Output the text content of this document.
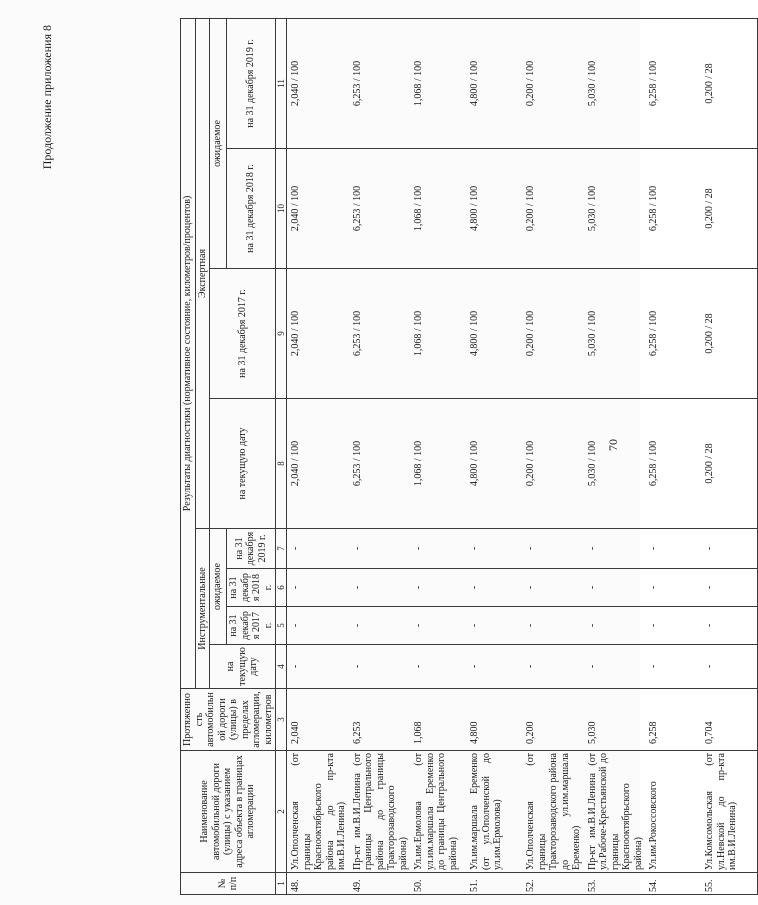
Продолжение приложения 8
70
№ п/п	Наименование автомобильной дороги (улицы) с указанием адреса объекта в границах агломерации	Протяженность автомобильной дороги (улицы) в пределах агломерации, километров	Результаты диагностики (нормативное состояние, километров/процентов)							
			Инструментальные				Экспертная			
			на текущую дату	ожидаемое			на текущую дату	на 31 декабря 2017 г.	ожидаемое	
				на 31 декабря 2017 г.	на 31 декабря 2018 г.	на 31 декабря 2019 г.			на 31 декабря 2018 г.	на 31 декабря 2019 г.
1	2	3	4	5	6	7	8	9	10	11
48.	Ул.Ополченская (от границы Краснооктябрьского района до пр-кта им.В.И.Ленина)	2,040	-	-	-	-	2,040 / 100	2,040 / 100	2,040 / 100	2,040 / 100
49.	Пр-кт им.В.И.Ленина (от границы Центрального района до границы Тракторозаводского района)	6,253	-	-	-	-	6,253 / 100	6,253 / 100	6,253 / 100	6,253 / 100
50.	Ул.им.Ермолова (от ул.им.маршала Еременко до границы Центрального района)	1,068	-	-	-	-	1,068 / 100	1,068 / 100	1,068 / 100	1,068 / 100
51.	Ул.им.маршала Еременко (от ул.Ополченской до ул.им.Ермолова)	4,800	-	-	-	-	4,800 / 100	4,800 / 100	4,800 / 100	4,800 / 100
52.	Ул.Ополченская (от границы Тракторозаводского района до ул.им.маршала Еременко)	0,200	-	-	-	-	0,200 / 100	0,200 / 100	0,200 / 100	0,200 / 100
53.	Пр-кт им.В.И.Ленина (от ул.Рабоче-Крестьянской до границы Краснооктябрьского района)	5,030	-	-	-	-	5,030 / 100	5,030 / 100	5,030 / 100	5,030 / 100
54.	Ул.им.Рокоссовского	6,258	-	-	-	-	6,258 / 100	6,258 / 100	6,258 / 100	6,258 / 100
55.	Ул.Комсомольская (от ул.Невской до пр-кта им.В.И.Ленина)	0,704	-	-	-	-	0,200 / 28	0,200 / 28	0,200 / 28	0,200 / 28
